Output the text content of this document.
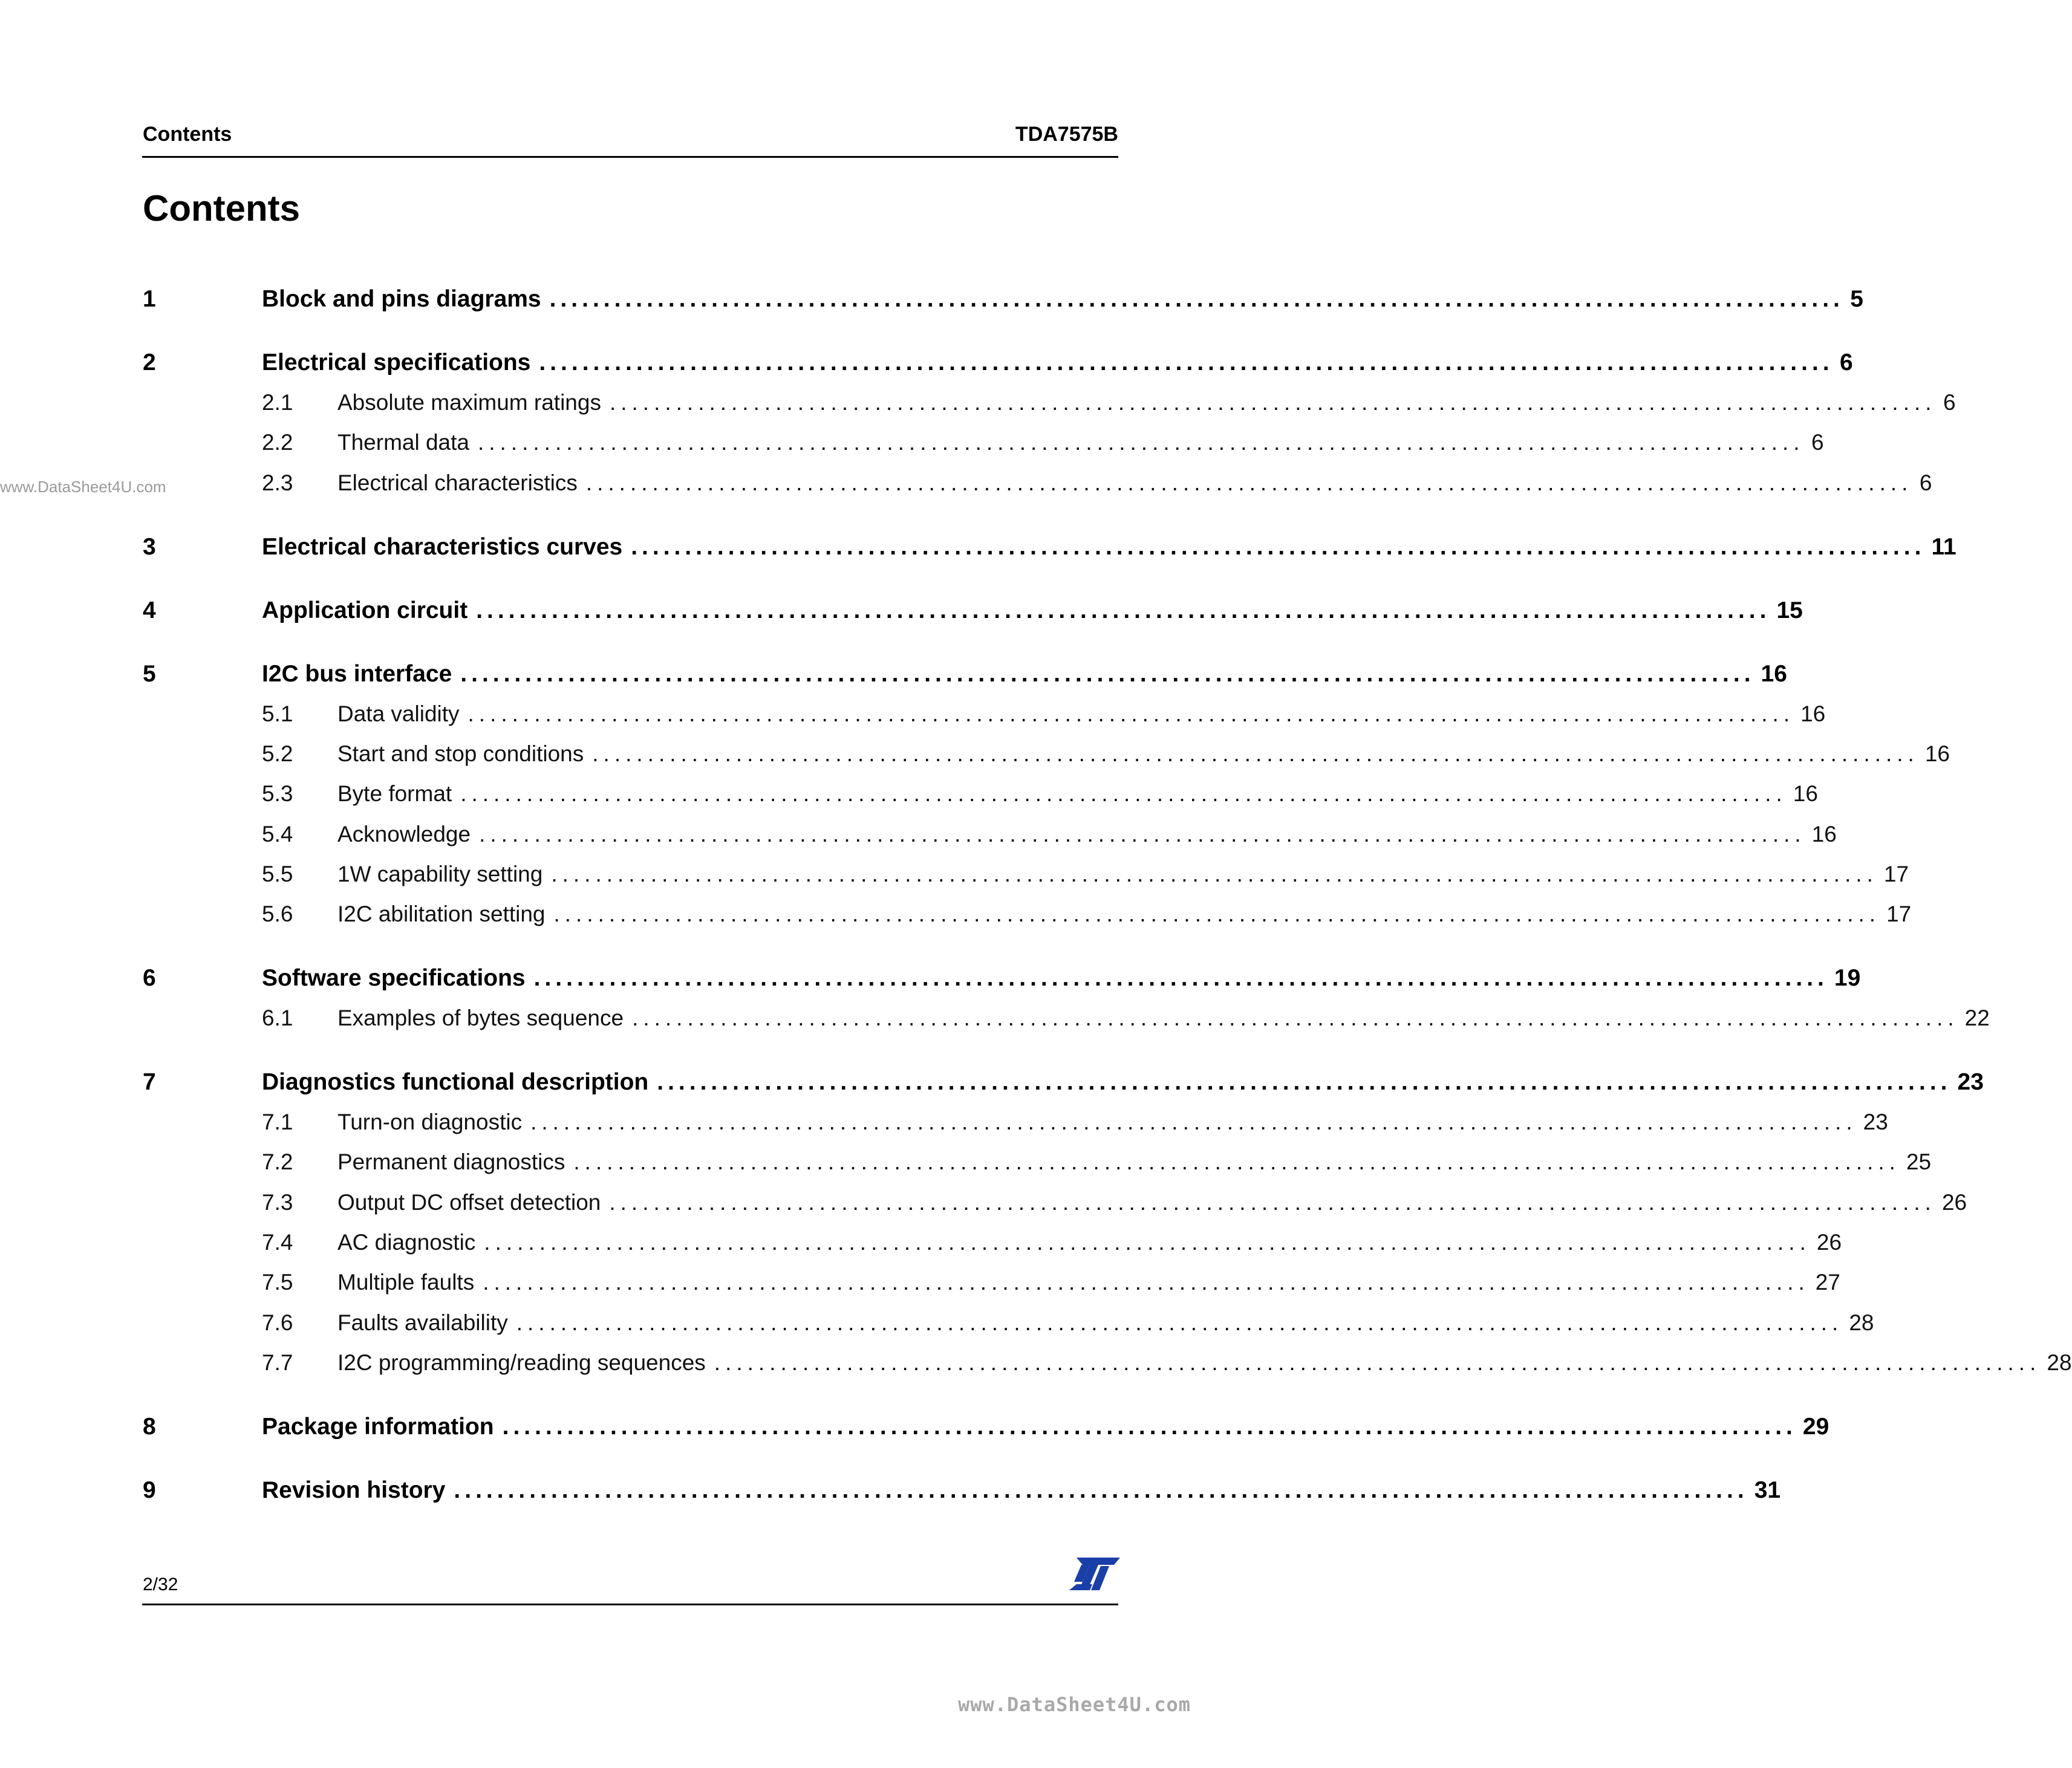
Contents	TDA7575B
Contents
www.DataSheet4U.com
1	Block and pins diagrams ........................................................................................................................ 5
2	Electrical specifications ........................................................................................................................ 6
2.1 Absolute maximum ratings ........................................................................................................................ 6
2.2 Thermal data ........................................................................................................................ 6
2.3 Electrical characteristics ........................................................................................................................ 6
3	Electrical characteristics curves ........................................................................................................................ 11
4	Application circuit ........................................................................................................................ 15
5	I2C bus interface ........................................................................................................................ 16
5.1 Data validity ........................................................................................................................ 16
5.2 Start and stop conditions ........................................................................................................................ 16
5.3 Byte format ........................................................................................................................ 16
5.4 Acknowledge ........................................................................................................................ 16
5.5 1W capability setting ........................................................................................................................ 17
5.6 I2C abilitation setting ........................................................................................................................ 17
6	Software specifications ........................................................................................................................ 19
6.1 Examples of bytes sequence ........................................................................................................................ 22
7	Diagnostics functional description ........................................................................................................................ 23
7.1 Turn-on diagnostic ........................................................................................................................ 23
7.2 Permanent diagnostics ........................................................................................................................ 25
7.3 Output DC offset detection ........................................................................................................................ 26
7.4 AC diagnostic ........................................................................................................................ 26
7.5 Multiple faults ........................................................................................................................ 27
7.6 Faults availability ........................................................................................................................ 28
7.7 I2C programming/reading sequences ........................................................................................................................ 28
8	Package information ........................................................................................................................ 29
9	Revision history ........................................................................................................................ 31
2/32
www.DataSheet4U.com
